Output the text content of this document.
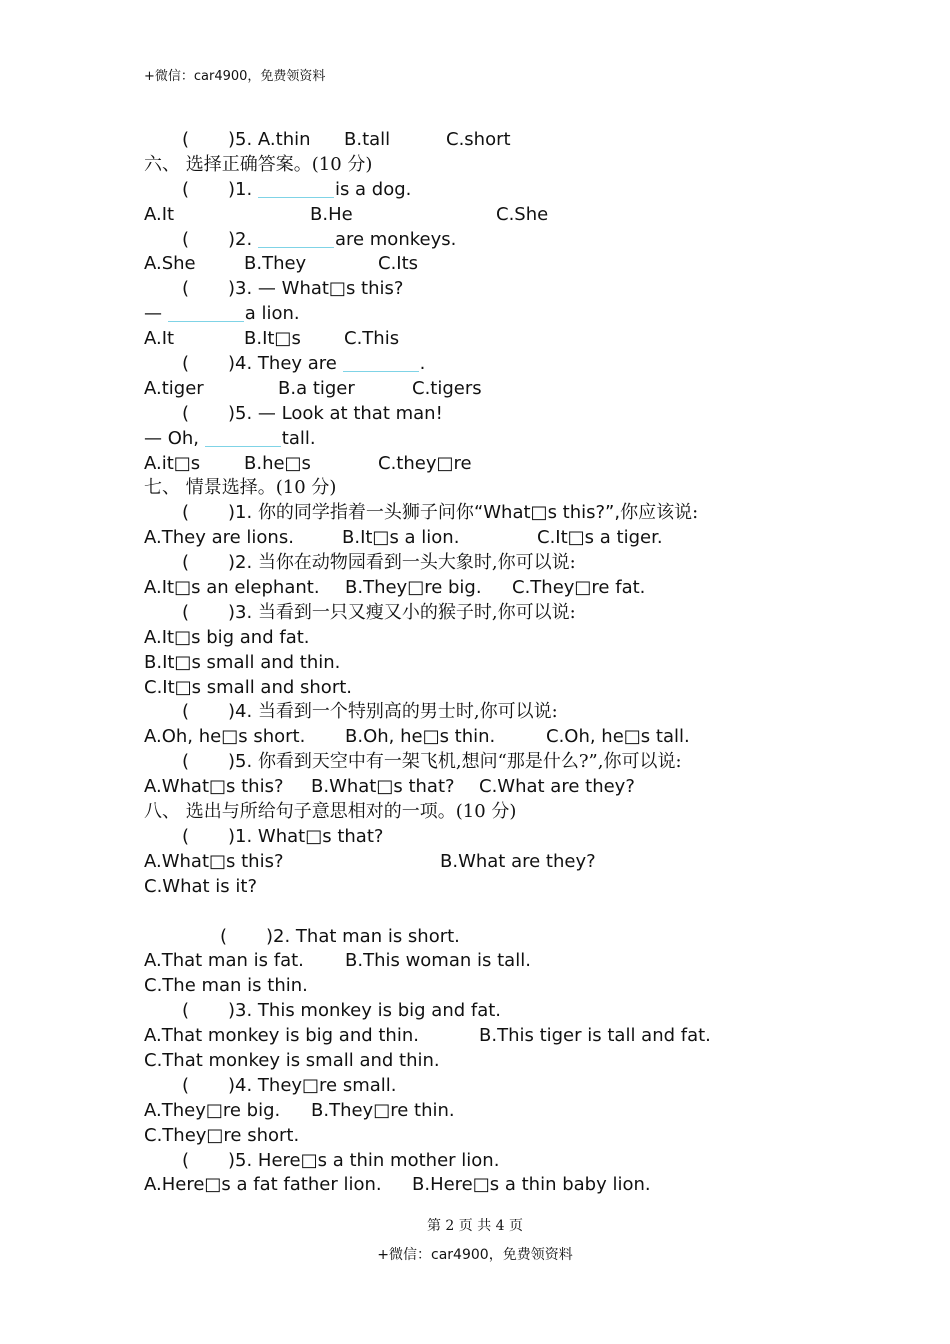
+微信：car4900，免费领资料
( )5. A.thin B.tall	C.short
六、 选择正确答案。(10 分)
( )1.	is a dog.
A.It	B.He	C.She
( )2.	are monkeys.
A.She	B.They	C.Its
( )3. — What□s this?
—	a lion.
A.It	B.It□s C.This
( )4. They are	.
A.tiger	B.a tiger	C.tigers
( )5. — Look at that man!
— Oh,	tall.
A.it□s B.he□s	C.they□re
七、 情景选择。(10 分)
( )1. 你的同学指着一头狮子问你“What□s this?”,你应该说:
A.They are lions.	B.It□s a lion.	C.It□s a tiger.
( )2. 当你在动物园看到一头大象时,你可以说:
A.It□s an elephant. B.They□re big. C.They□re fat.
( )3. 当看到一只又瘦又小的猴子时,你可以说:
A.It□s big and fat.
B.It□s small and thin.
C.It□s small and short.
( )4. 当看到一个特别高的男士时,你可以说:
A.Oh, he□s short. B.Oh, he□s thin.	C.Oh, he□s tall.
( )5. 你看到天空中有一架飞机,想问“那是什么?”,你可以说:
A.What□s this? B.What□s that? C.What are they?
八、 选出与所给句子意思相对的一项。(10 分)
( )1. What□s that?
A.What□s this?	B.What are they?
C.What is it?
( )2. That man is short.
A.That man is fat. B.This woman is tall.
C.The man is thin.
( )3. This monkey is big and fat.
A.That monkey is big and thin.	B.This tiger is tall and fat.
C.That monkey is small and thin.
( )4. They□re small.
A.They□re big. B.They□re thin.
C.They□re short.
( )5. Here□s a thin mother lion.
A.Here□s a fat father lion. B.Here□s a thin baby lion.
第 2 页 共 4 页
+微信：car4900，免费领资料
